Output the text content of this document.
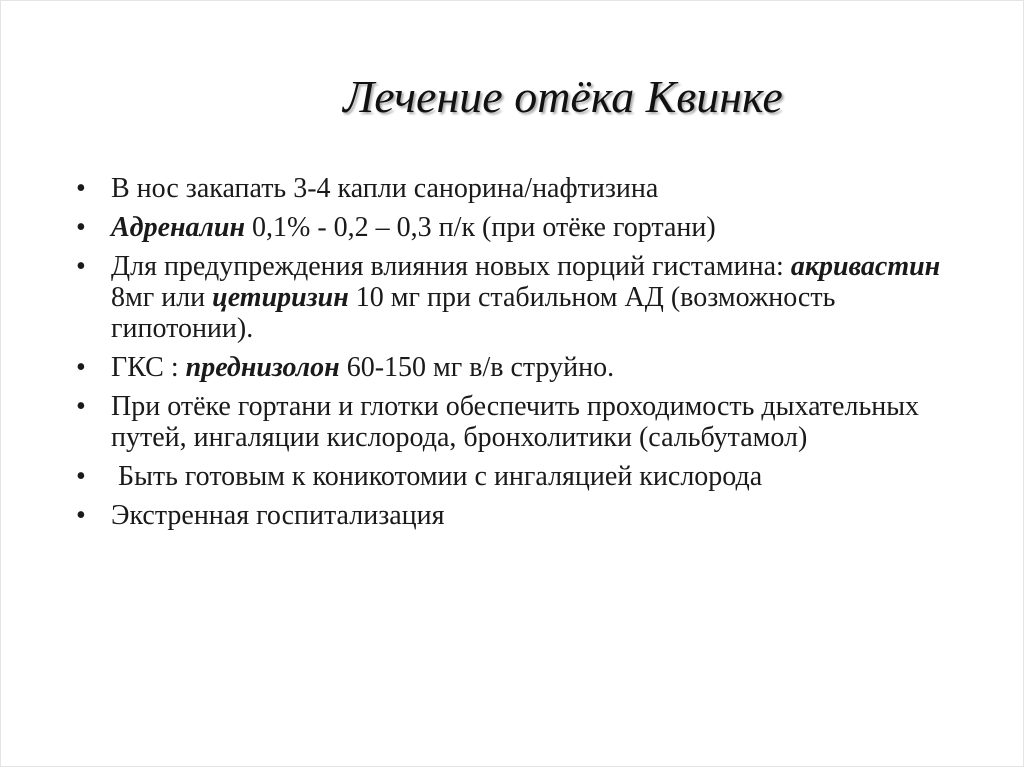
Лечение отёка Квинке
• В нос закапать 3-4 капли санорина/нафтизина
• Адреналин 0,1% - 0,2 – 0,3 п/к (при отёке гортани)
• Для предупреждения влияния новых порций гистамина: акривастин 8мг или цетиризин 10 мг при стабильном АД (возможность гипотонии).
• ГКС : преднизолон 60-150 мг в/в струйно.
• При отёке гортани и глотки обеспечить проходимость дыхательных путей, ингаляции кислорода, бронхолитики (сальбутамол)
• Быть готовым к коникотомии с ингаляцией кислорода
• Экстренная госпитализация
